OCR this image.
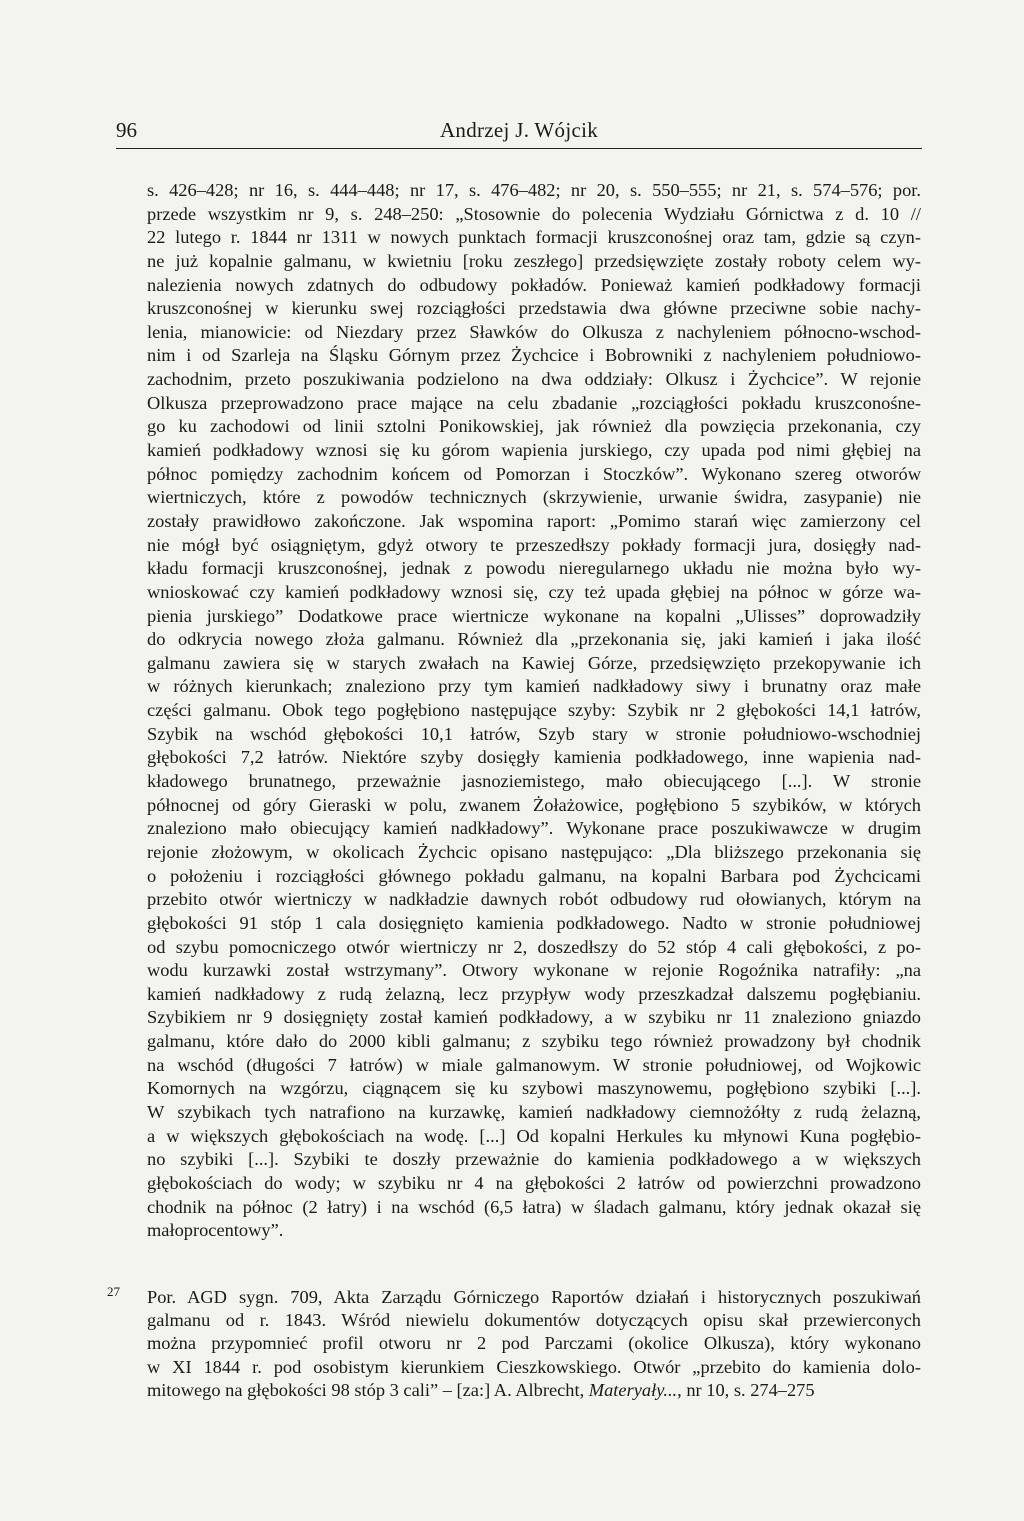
96	Andrzej J. Wójcik
s. 426–428; nr 16, s. 444–448; nr 17, s. 476–482; nr 20, s. 550–555; nr 21, s. 574–576; por.
przede wszystkim nr 9, s. 248–250: „Stosownie do polecenia Wydziału Górnictwa z d. 10 //
22 lutego r. 1844 nr 1311 w nowych punktach formacji kruszconośnej oraz tam, gdzie są czyn-
ne już kopalnie galmanu, w kwietniu [roku zeszłego] przedsięwzięte zostały roboty celem wy-
nalezienia nowych zdatnych do odbudowy pokładów. Ponieważ kamień podkładowy formacji
kruszconośnej w kierunku swej rozciągłości przedstawia dwa główne przeciwne sobie nachy-
lenia, mianowicie: od Niezdary przez Sławków do Olkusza z nachyleniem północno-wschod-
nim i od Szarleja na Śląsku Górnym przez Żychcice i Bobrowniki z nachyleniem południowo-
zachodnim, przeto poszukiwania podzielono na dwa oddziały: Olkusz i Żychcice”. W rejonie
Olkusza przeprowadzono prace mające na celu zbadanie „rozciągłości pokładu kruszconośne-
go ku zachodowi od linii sztolni Ponikowskiej, jak również dla powzięcia przekonania, czy
kamień podkładowy wznosi się ku górom wapienia jurskiego, czy upada pod nimi głębiej na
północ pomiędzy zachodnim końcem od Pomorzan i Stoczków”. Wykonano szereg otworów
wiertniczych, które z powodów technicznych (skrzywienie, urwanie świdra, zasypanie) nie
zostały prawidłowo zakończone. Jak wspomina raport: „Pomimo starań więc zamierzony cel
nie mógł być osiągniętym, gdyż otwory te przeszedłszy pokłady formacji jura, dosięgły nad-
kładu formacji kruszconośnej, jednak z powodu nieregularnego układu nie można było wy-
wnioskować czy kamień podkładowy wznosi się, czy też upada głębiej na północ w górze wa-
pienia jurskiego” Dodatkowe prace wiertnicze wykonane na kopalni „Ulisses” doprowadziły
do odkrycia nowego złoża galmanu. Również dla „przekonania się, jaki kamień i jaka ilość
galmanu zawiera się w starych zwałach na Kawiej Górze, przedsięwzięto przekopywanie ich
w różnych kierunkach; znaleziono przy tym kamień nadkładowy siwy i brunatny oraz małe
części galmanu. Obok tego pogłębiono następujące szyby: Szybik nr 2 głębokości 14,1 łatrów,
Szybik na wschód głębokości 10,1 łatrów, Szyb stary w stronie południowo-wschodniej
głębokości 7,2 łatrów. Niektóre szyby dosięgły kamienia podkładowego, inne wapienia nad-
kładowego brunatnego, przeważnie jasnoziemistego, mało obiecującego [...]. W stronie
północnej od góry Gieraski w polu, zwanem Żołażowice, pogłębiono 5 szybików, w których
znaleziono mało obiecujący kamień nadkładowy”. Wykonane prace poszukiwawcze w drugim
rejonie złożowym, w okolicach Żychcic opisano następująco: „Dla bliższego przekonania się
o położeniu i rozciągłości głównego pokładu galmanu, na kopalni Barbara pod Żychcicami
przebito otwór wiertniczy w nadkładzie dawnych robót odbudowy rud ołowianych, którym na
głębokości 91 stóp 1 cala dosięgnięto kamienia podkładowego. Nadto w stronie południowej
od szybu pomocniczego otwór wiertniczy nr 2, doszedłszy do 52 stóp 4 cali głębokości, z po-
wodu kurzawki został wstrzymany”. Otwory wykonane w rejonie Rogoźnika natrafiły: „na
kamień nadkładowy z rudą żelazną, lecz przypływ wody przeszkadzał dalszemu pogłębianiu.
Szybikiem nr 9 dosięgnięty został kamień podkładowy, a w szybiku nr 11 znaleziono gniazdo
galmanu, które dało do 2000 kibli galmanu; z szybiku tego również prowadzony był chodnik
na wschód (długości 7 łatrów) w miale galmanowym. W stronie południowej, od Wojkowic
Komornych na wzgórzu, ciągnącem się ku szybowi maszynowemu, pogłębiono szybiki [...].
W szybikach tych natrafiono na kurzawkę, kamień nadkładowy ciemnożółty z rudą żelazną,
a w większych głębokościach na wodę. [...] Od kopalni Herkules ku młynowi Kuna pogłębio-
no szybiki [...]. Szybiki te doszły przeważnie do kamienia podkładowego a w większych
głębokościach do wody; w szybiku nr 4 na głębokości 2 łatrów od powierzchni prowadzono
chodnik na północ (2 łatry) i na wschód (6,5 łatra) w śladach galmanu, który jednak okazał się
małoprocentowy”.
27 Por. AGD sygn. 709, Akta Zarządu Górniczego Raportów działań i historycznych poszukiwań
galmanu od r. 1843. Wśród niewielu dokumentów dotyczących opisu skał przewierconych
można przypomnieć profil otworu nr 2 pod Parczami (okolice Olkusza), który wykonano
w XI 1844 r. pod osobistym kierunkiem Cieszkowskiego. Otwór „przebito do kamienia dolo-
mitowego na głębokości 98 stóp 3 cali” – [za:] A. Albrecht, Materyały..., nr 10, s. 274–275
